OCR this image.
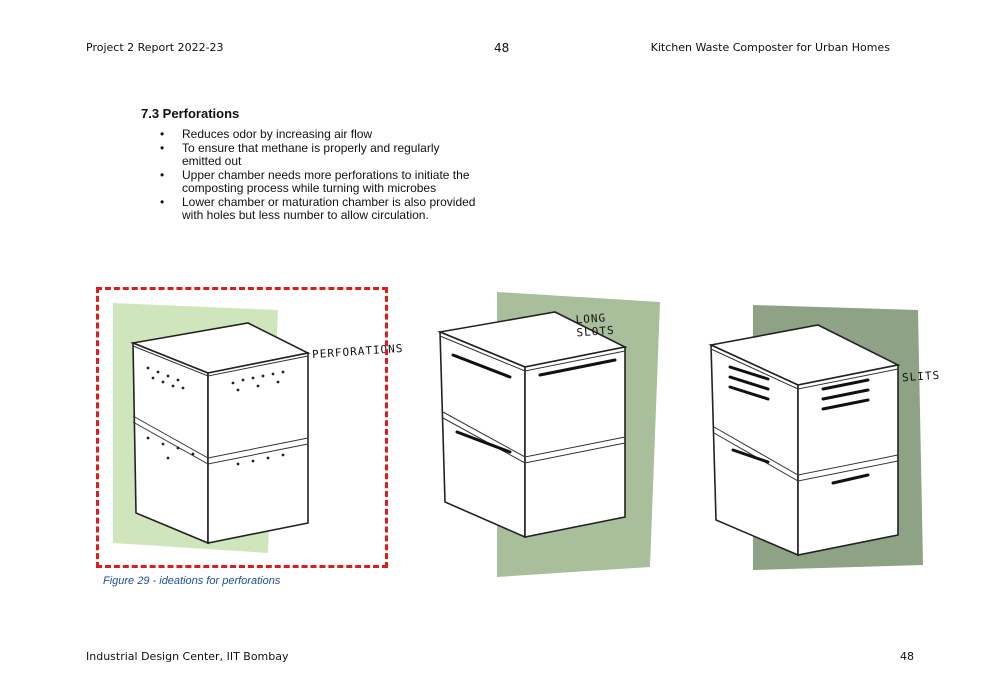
Project 2 Report 2022-23	48	Kitchen Waste Composter for Urban Homes
7.3 Perforations
• Reduces odor by increasing air flow
• To ensure that methane is properly and regularly emitted out
• Upper chamber needs more perforations to initiate the composting process while turning with microbes
• Lower chamber or maturation chamber is also provided with holes but less number to allow circulation.
PERFORATIONS
LONG SLOTS
SLITS
Figure 29 - ideations for perforations
Industrial Design Center, IIT Bombay	48
